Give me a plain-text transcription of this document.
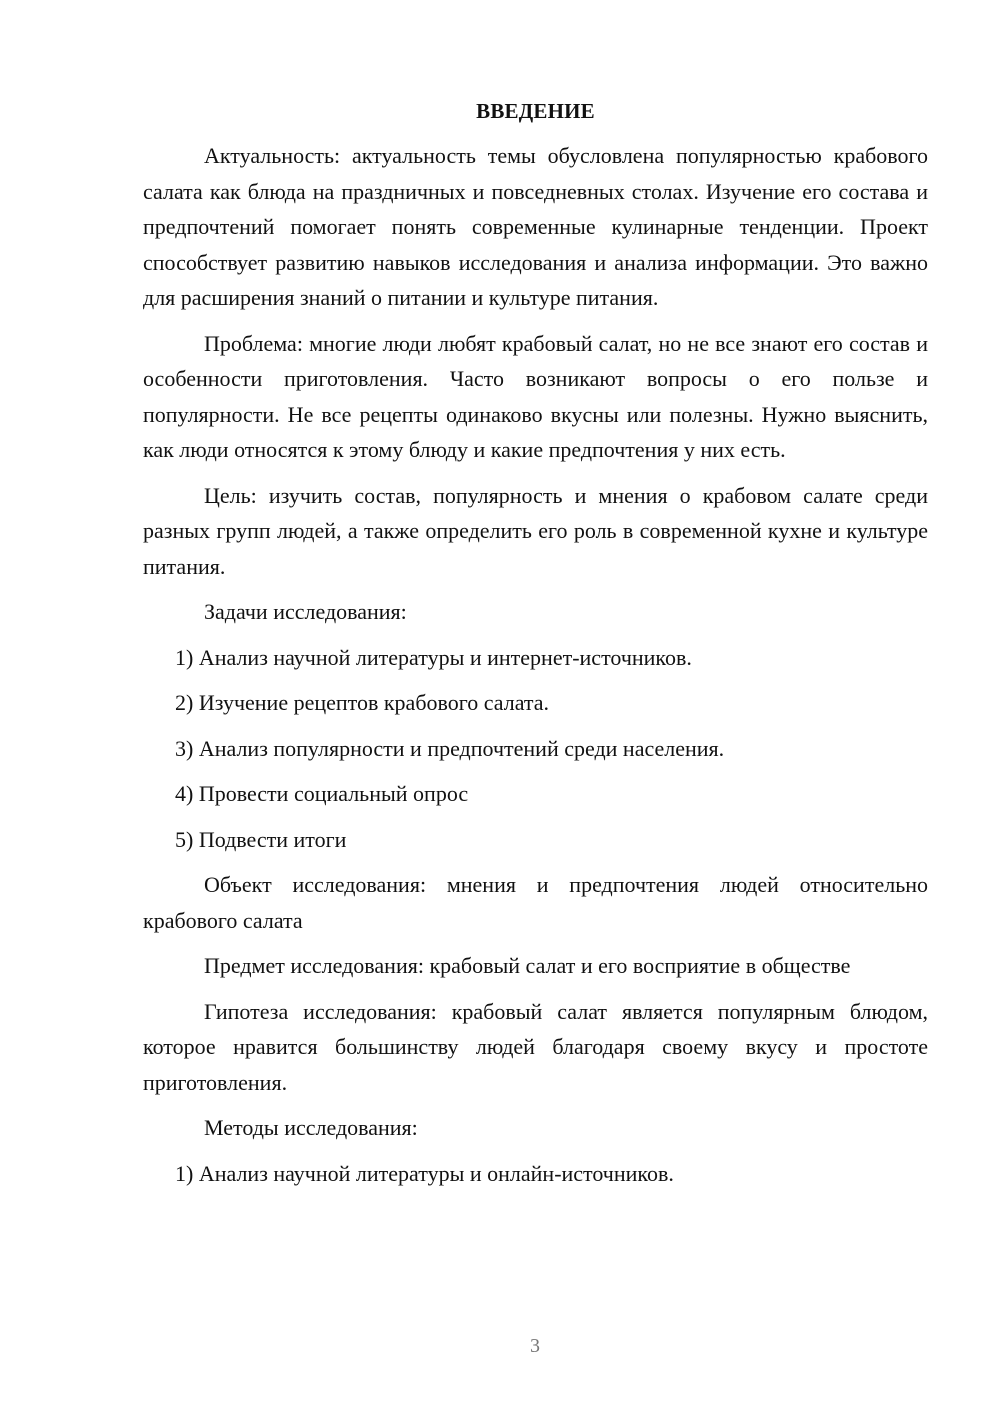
ВВЕДЕНИЕ

Актуальность: актуальность темы обусловлена популярностью крабового салата как блюда на праздничных и повседневных столах. Изучение его состава и предпочтений помогает понять современные кулинарные тенденции. Проект способствует развитию навыков исследования и анализа информации. Это важно для расширения знаний о питании и культуре питания.

Проблема: многие люди любят крабовый салат, но не все знают его состав и особенности приготовления. Часто возникают вопросы о его пользе и популярности. Не все рецепты одинаково вкусны или полезны. Нужно выяснить, как люди относятся к этому блюду и какие предпочтения у них есть.

Цель: изучить состав, популярность и мнения о крабовом салате среди разных групп людей, а также определить его роль в современной кухне и культуре питания.

Задачи исследования:

1) Анализ научной литературы и интернет-источников.

2) Изучение рецептов крабового салата.

3) Анализ популярности и предпочтений среди населения.

4) Провести социальный опрос

5) Подвести итоги

Объект исследования: мнения и предпочтения людей относительно крабового салата

Предмет исследования: крабовый салат и его восприятие в обществе

Гипотеза исследования: крабовый салат является популярным блюдом, которое нравится большинству людей благодаря своему вкусу и простоте приготовления.

Методы исследования:

1) Анализ научной литературы и онлайн-источников.

3
